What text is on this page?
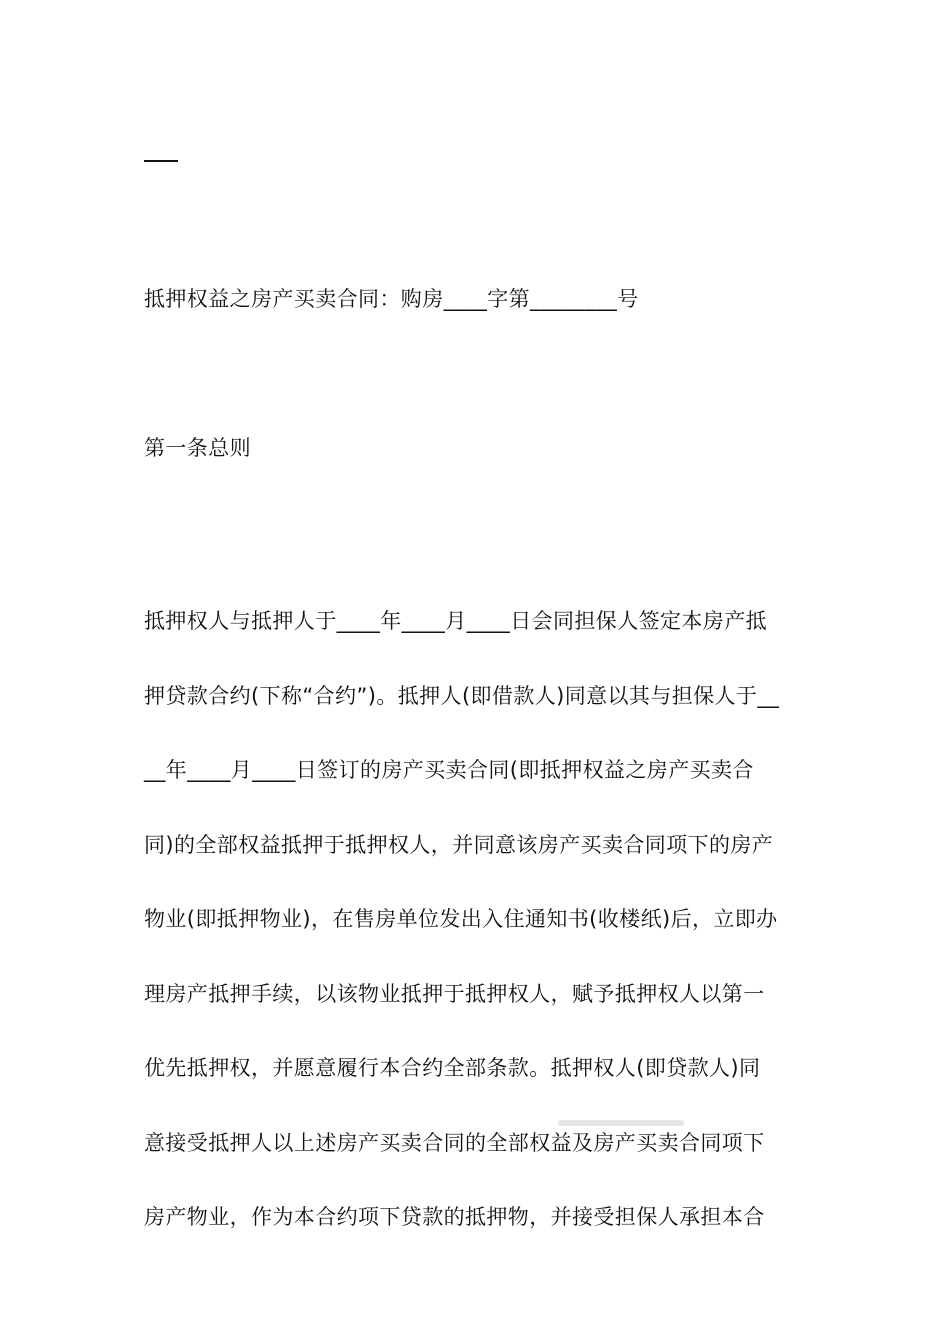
抵押权益之房产买卖合同：购房____字第________号
第一条总则
抵押权人与抵押人于____年____月____日会同担保人签定本房产抵
押贷款合约(下称“合约”)。抵押人(即借款人)同意以其与担保人于__
__年____月____日签订的房产买卖合同(即抵押权益之房产买卖合
同)的全部权益抵押于抵押权人，并同意该房产买卖合同项下的房产
物业(即抵押物业)，在售房单位发出入住通知书(收楼纸)后，立即办
理房产抵押手续，以该物业抵押于抵押权人，赋予抵押权人以第一
优先抵押权，并愿意履行本合约全部条款。抵押权人(即贷款人)同
意接受抵押人以上述房产买卖合同的全部权益及房产买卖合同项下
房产物业，作为本合约项下贷款的抵押物，并接受担保人承担本合
